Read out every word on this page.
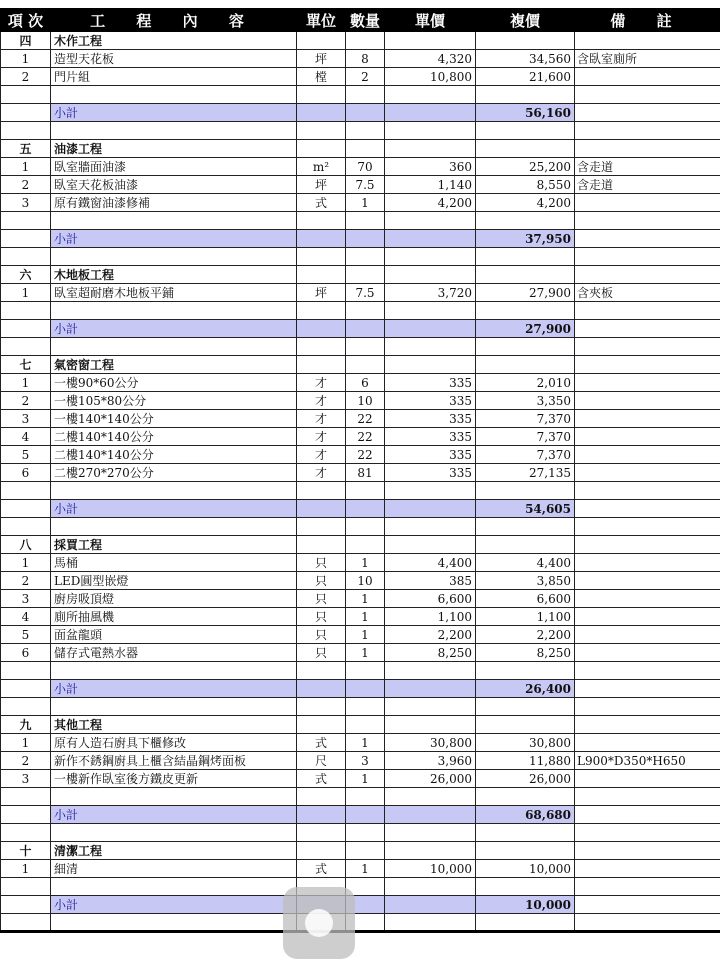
項 次	工 程 內 容	單位	數量	單價	複價	備 註
四	木作工程					
1	造型天花板	坪	8	4,320	34,560	含臥室廁所
2	門片組	樘	2	10,800	21,600	

	小計				56,160	

五	油漆工程					
1	臥室牆面油漆	m²	70	360	25,200	含走道
2	臥室天花板油漆	坪	7.5	1,140	8,550	含走道
3	原有鐵窗油漆修補	式	1	4,200	4,200	

	小計				37,950	

六	木地板工程					
1	臥室超耐磨木地板平鋪	坪	7.5	3,720	27,900	含夾板

	小計				27,900	

七	氣密窗工程					
1	一樓90*60公分	才	6	335	2,010	
2	一樓105*80公分	才	10	335	3,350	
3	一樓140*140公分	才	22	335	7,370	
4	二樓140*140公分	才	22	335	7,370	
5	二樓140*140公分	才	22	335	7,370	
6	二樓270*270公分	才	81	335	27,135	

	小計				54,605	

八	採買工程					
1	馬桶	只	1	4,400	4,400	
2	LED圓型嵌燈	只	10	385	3,850	
3	廚房吸頂燈	只	1	6,600	6,600	
4	廁所抽風機	只	1	1,100	1,100	
5	面盆龍頭	只	1	2,200	2,200	
6	儲存式電熱水器	只	1	8,250	8,250	

	小計				26,400	

九	其他工程					
1	原有人造石廚具下櫃修改	式	1	30,800	30,800	
2	新作不銹鋼廚具上櫃含結晶鋼烤面板	尺	3	3,960	11,880	L900*D350*H650
3	一樓新作臥室後方鐵皮更新	式	1	26,000	26,000	

	小計				68,680	

十	清潔工程					
1	細清	式	1	10,000	10,000	

	小計				10,000	
